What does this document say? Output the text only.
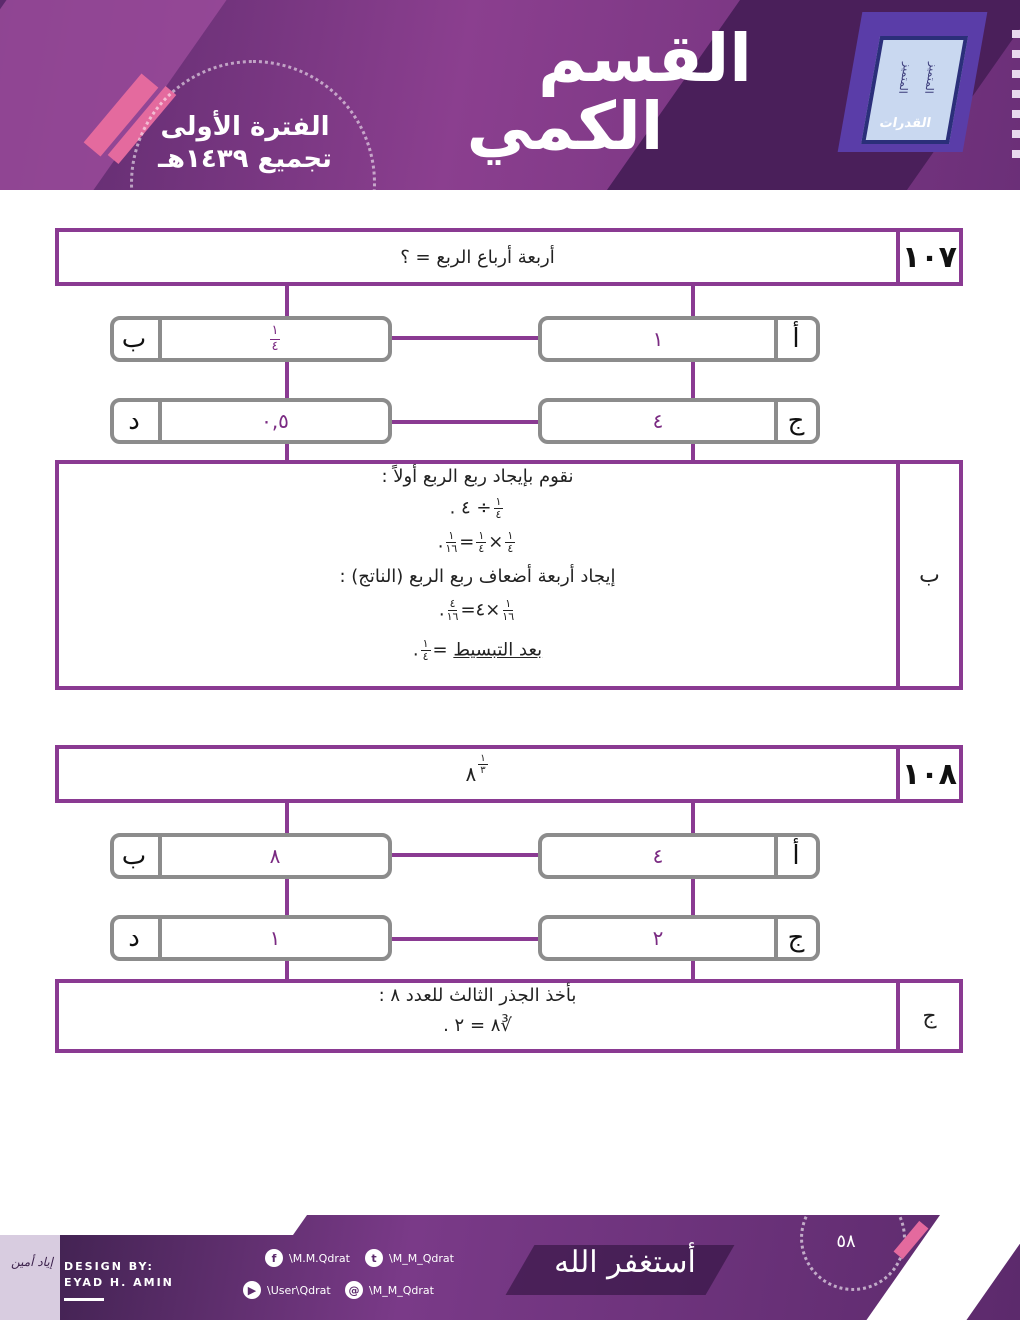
الفترة الأولى
تجميع ١٤٣٩هـ
القسم
الكمي
المتميز المتميز
القدرات
١٠٧
أربعة أرباع الربع = ؟
أ
١
ب	$\frac{١}{٤}$
ج
٤
د	٠,٥
ب
نقوم بإيجاد ربع الربع أولاً :
$\frac{١}{٤}$
÷ ٤ .
$\frac{١}{٤}$
×
$\frac{١}{٤}$
=
$\frac{١}{١٦}$
.
إيجاد أربعة أضعاف ربع الربع (الناتج) :
$\frac{١}{١٦}$
×٤=
$\frac{٤}{١٦}$
.
بعد التبسيط =
$\frac{١}{٤}$
.
١٠٨
٨ $\frac{١}{٣}$
أ
٤
ب	٨
ج
٢
د	١
ج
بأخذ الجذر الثالث للعدد ٨ :
∛٨ = ٢ .
إياد أمين DESIGN BY:
EYAD H. AMIN
f	\M.M.Qdrat	t	\M_M_Qdrat
▶ \User\Qdrat	@ \M_M_Qdrat
أستغفر الله
٥٨
